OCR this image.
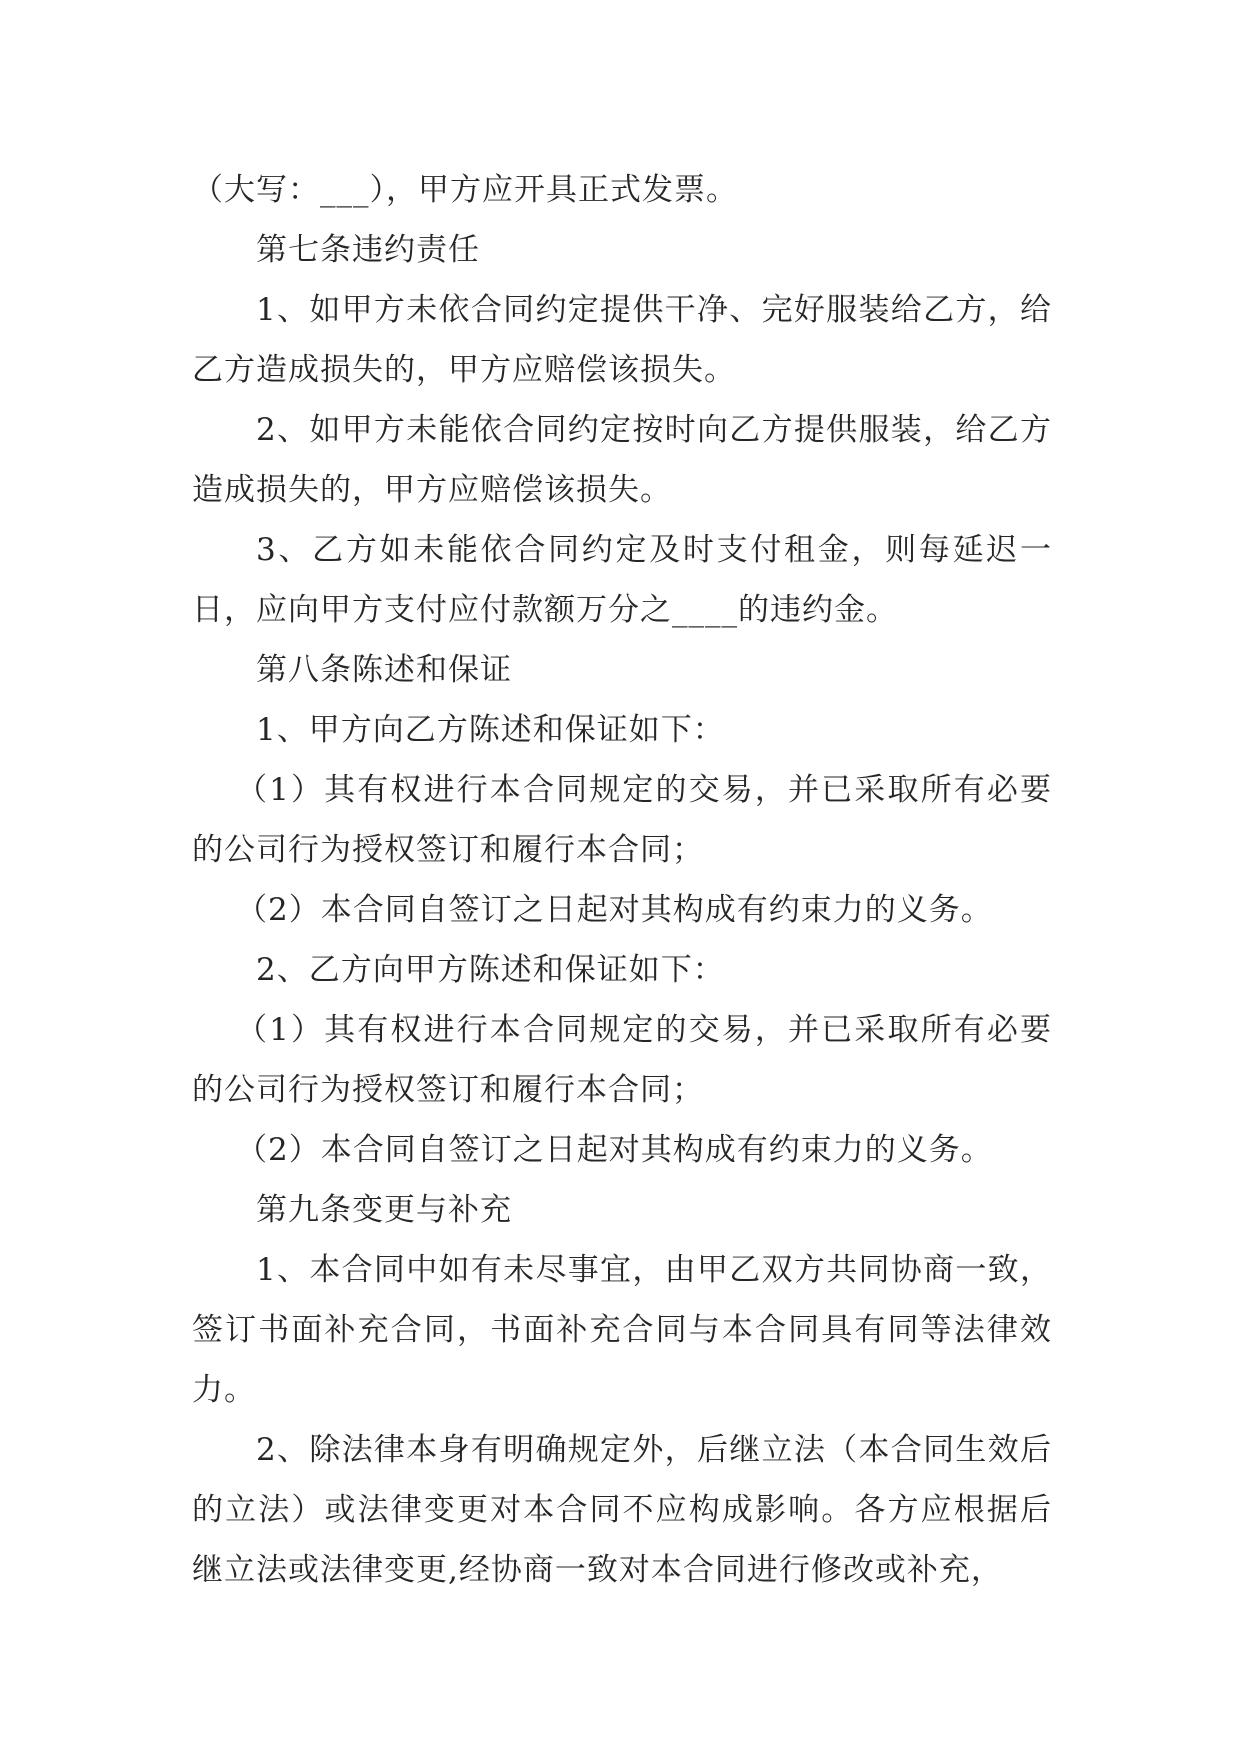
（大写：___），甲方应开具正式发票。

第七条违约责任

1、如甲方未依合同约定提供干净、完好服装给乙方，给乙方造成损失的，甲方应赔偿该损失。

2、如甲方未能依合同约定按时向乙方提供服装，给乙方造成损失的，甲方应赔偿该损失。

3、乙方如未能依合同约定及时支付租金，则每延迟一日，应向甲方支付应付款额万分之____的违约金。

第八条陈述和保证

1、甲方向乙方陈述和保证如下：

（1）其有权进行本合同规定的交易，并已采取所有必要的公司行为授权签订和履行本合同；

（2）本合同自签订之日起对其构成有约束力的义务。

2、乙方向甲方陈述和保证如下：

（1）其有权进行本合同规定的交易，并已采取所有必要的公司行为授权签订和履行本合同；

（2）本合同自签订之日起对其构成有约束力的义务。

第九条变更与补充

1、本合同中如有未尽事宜，由甲乙双方共同协商一致，签订书面补充合同，书面补充合同与本合同具有同等法律效力。

2、除法律本身有明确规定外，后继立法（本合同生效后的立法）或法律变更对本合同不应构成影响。各方应根据后继立法或法律变更,经协商一致对本合同进行修改或补充，
